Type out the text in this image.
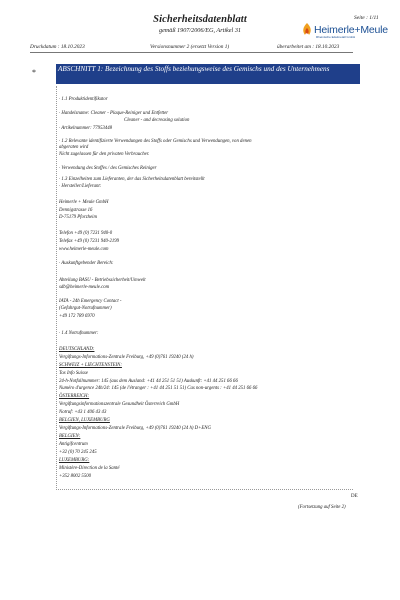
Sicherheitsdatenblatt
gemäß 1907/2006/EG, Artikel 31
Seite : 1/11
Heimerle+Meule
Rheinische Edelmetall GmbH
Druckdatum : 18.10.2023	Versionsnummer 2 (ersetzt Version 1)	überarbeitet am : 18.10.2023
*	ABSCHNITT 1: Bezeichnung des Stoffs beziehungsweise des Gemischs und des Unternehmens
· 1.1 Produktidentifikator
· Handelsname: Cleaner - Plaque-Reiniger und Entfetter
Cleaner - and decreasing solution
· Artikelnummer: 77953448
· 1.2 Relevante identifizierte Verwendungen des Stoffs oder Gemischs und Verwendungen, von denen
abgeraten wird
Nicht zugelassen für den privaten Verbraucher.
· Verwendung des Stoffes / des Gemisches Reiniger
· 1.3 Einzelheiten zum Lieferanten, der das Sicherheitsdatenblatt bereitstellt
· Hersteller/Lieferant:
Heimerle + Meule GmbH
Dennigstrasse 16
D-75179 Pforzheim
Telefon +49 (0) 7231 940-0
Telefax +49 (0) 7231 940-2199
www.heimerle-meule.com
· Auskunftgebender Bereich:
Abteilung BASU - Betriebssicherheit/Umwelt
sdb@heimerle-meule.com
IATA - 24h Emergency Contact -
(Gefahrgut-Notrufnummer)
+49 172 789 6970
· 1.4 Notrufnummer:
DEUTSCHLAND:
Vergiftungs-Informations-Zentrale Freiburg, +49 (0)761 19240 (24 h)
SCHWEIZ + LIECHTENSTEIN:
Tox Info Suisse
24-h-Notfallnummer: 145 (aus dem Ausland: +41 44 251 51 51) Auskunft: +41 44 251 66 66
Numéro d'urgence 24h/24: 145 (de l'étranger : +41 44 251 51 51) Cas non-urgents : +41 44 251 66 66
ÖSTERREICH:
Vergiftungsinformationszentrale Gesundheit Österreich GmbH
Notruf: +43 1 406 43 43
BELGIEN, LUXEMBURG
Vergiftungs-Informations-Zentrale Freiburg, +49 (0)761 19240 (24 h) D+ENG
BELGIEN:
Antigifcentrum
+32 (0) 70 245 245
LUXEMBURG:
Ministère-Direction de la Santé
+352 8002 5500
DE
(Fortsetzung auf Seite 2)
